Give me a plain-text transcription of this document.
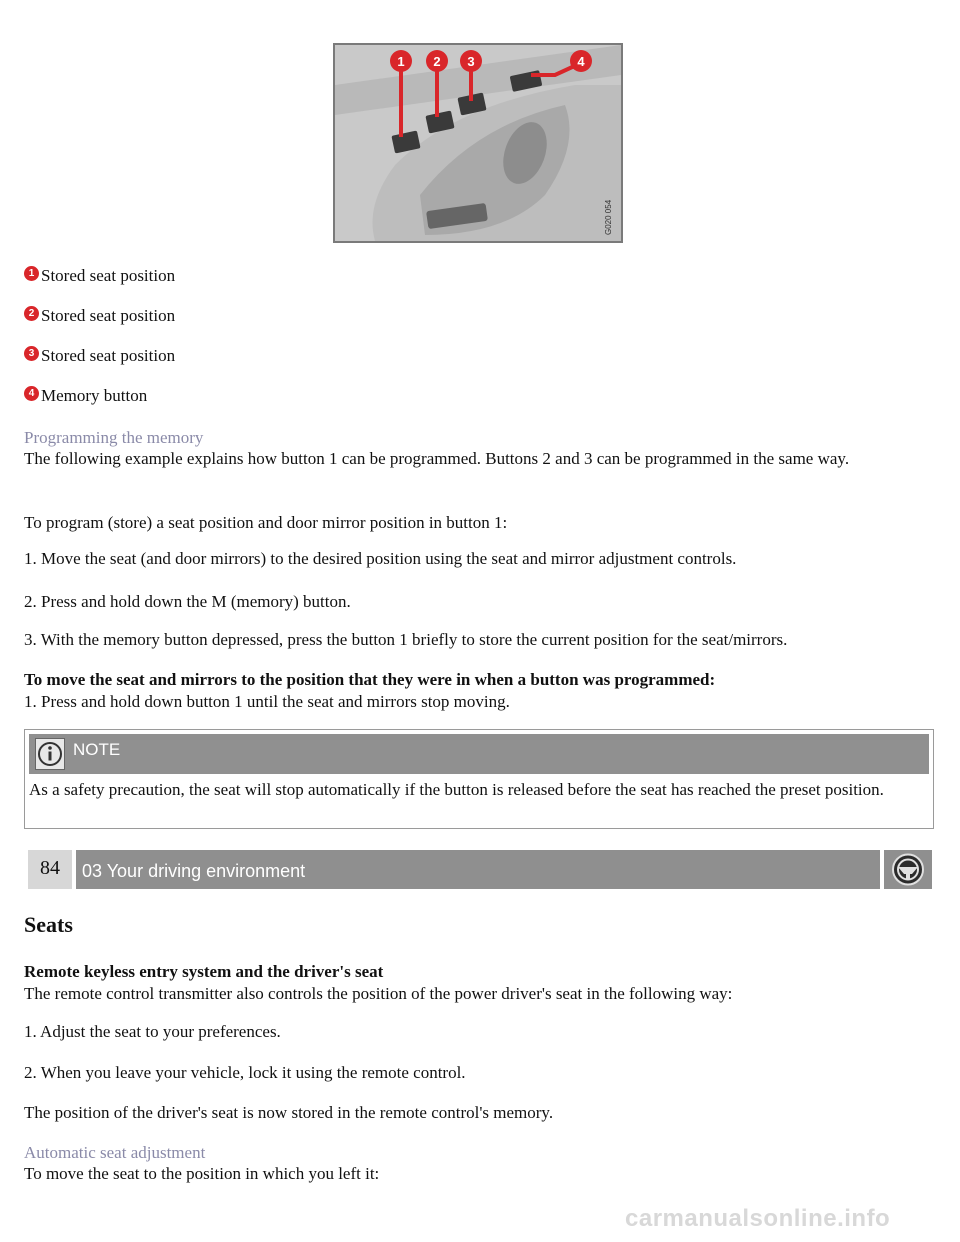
1 2 3	4
G020 054
1 Stored seat position
2 Stored seat position
3 Stored seat position
4 Memory button
Programming the memory
The following example explains how button 1 can be programmed. Buttons 2 and 3 can be programmed in the same way.
To program (store) a seat position and door mirror position in button 1:
1. Move the seat (and door mirrors) to the desired position using the seat and mirror adjustment controls.
2. Press and hold down the M (memory) button.
3. With the memory button depressed, press the button 1 briefly to store the current position for the seat/mirrors.
To move the seat and mirrors to the position that they were in when a button was programmed:
1. Press and hold down button 1 until the seat and mirrors stop moving.
NOTE
As a safety precaution, the seat will stop automatically if the button is released before the seat has reached the preset position.
84	03 Your driving environment
Seats
Remote keyless entry system and the driver's seat
The remote control transmitter also controls the position of the power driver's seat in the following way:
1. Adjust the seat to your preferences.
2. When you leave your vehicle, lock it using the remote control.
The position of the driver's seat is now stored in the remote control's memory.
Automatic seat adjustment
To move the seat to the position in which you left it:
carmanualsonline.info
